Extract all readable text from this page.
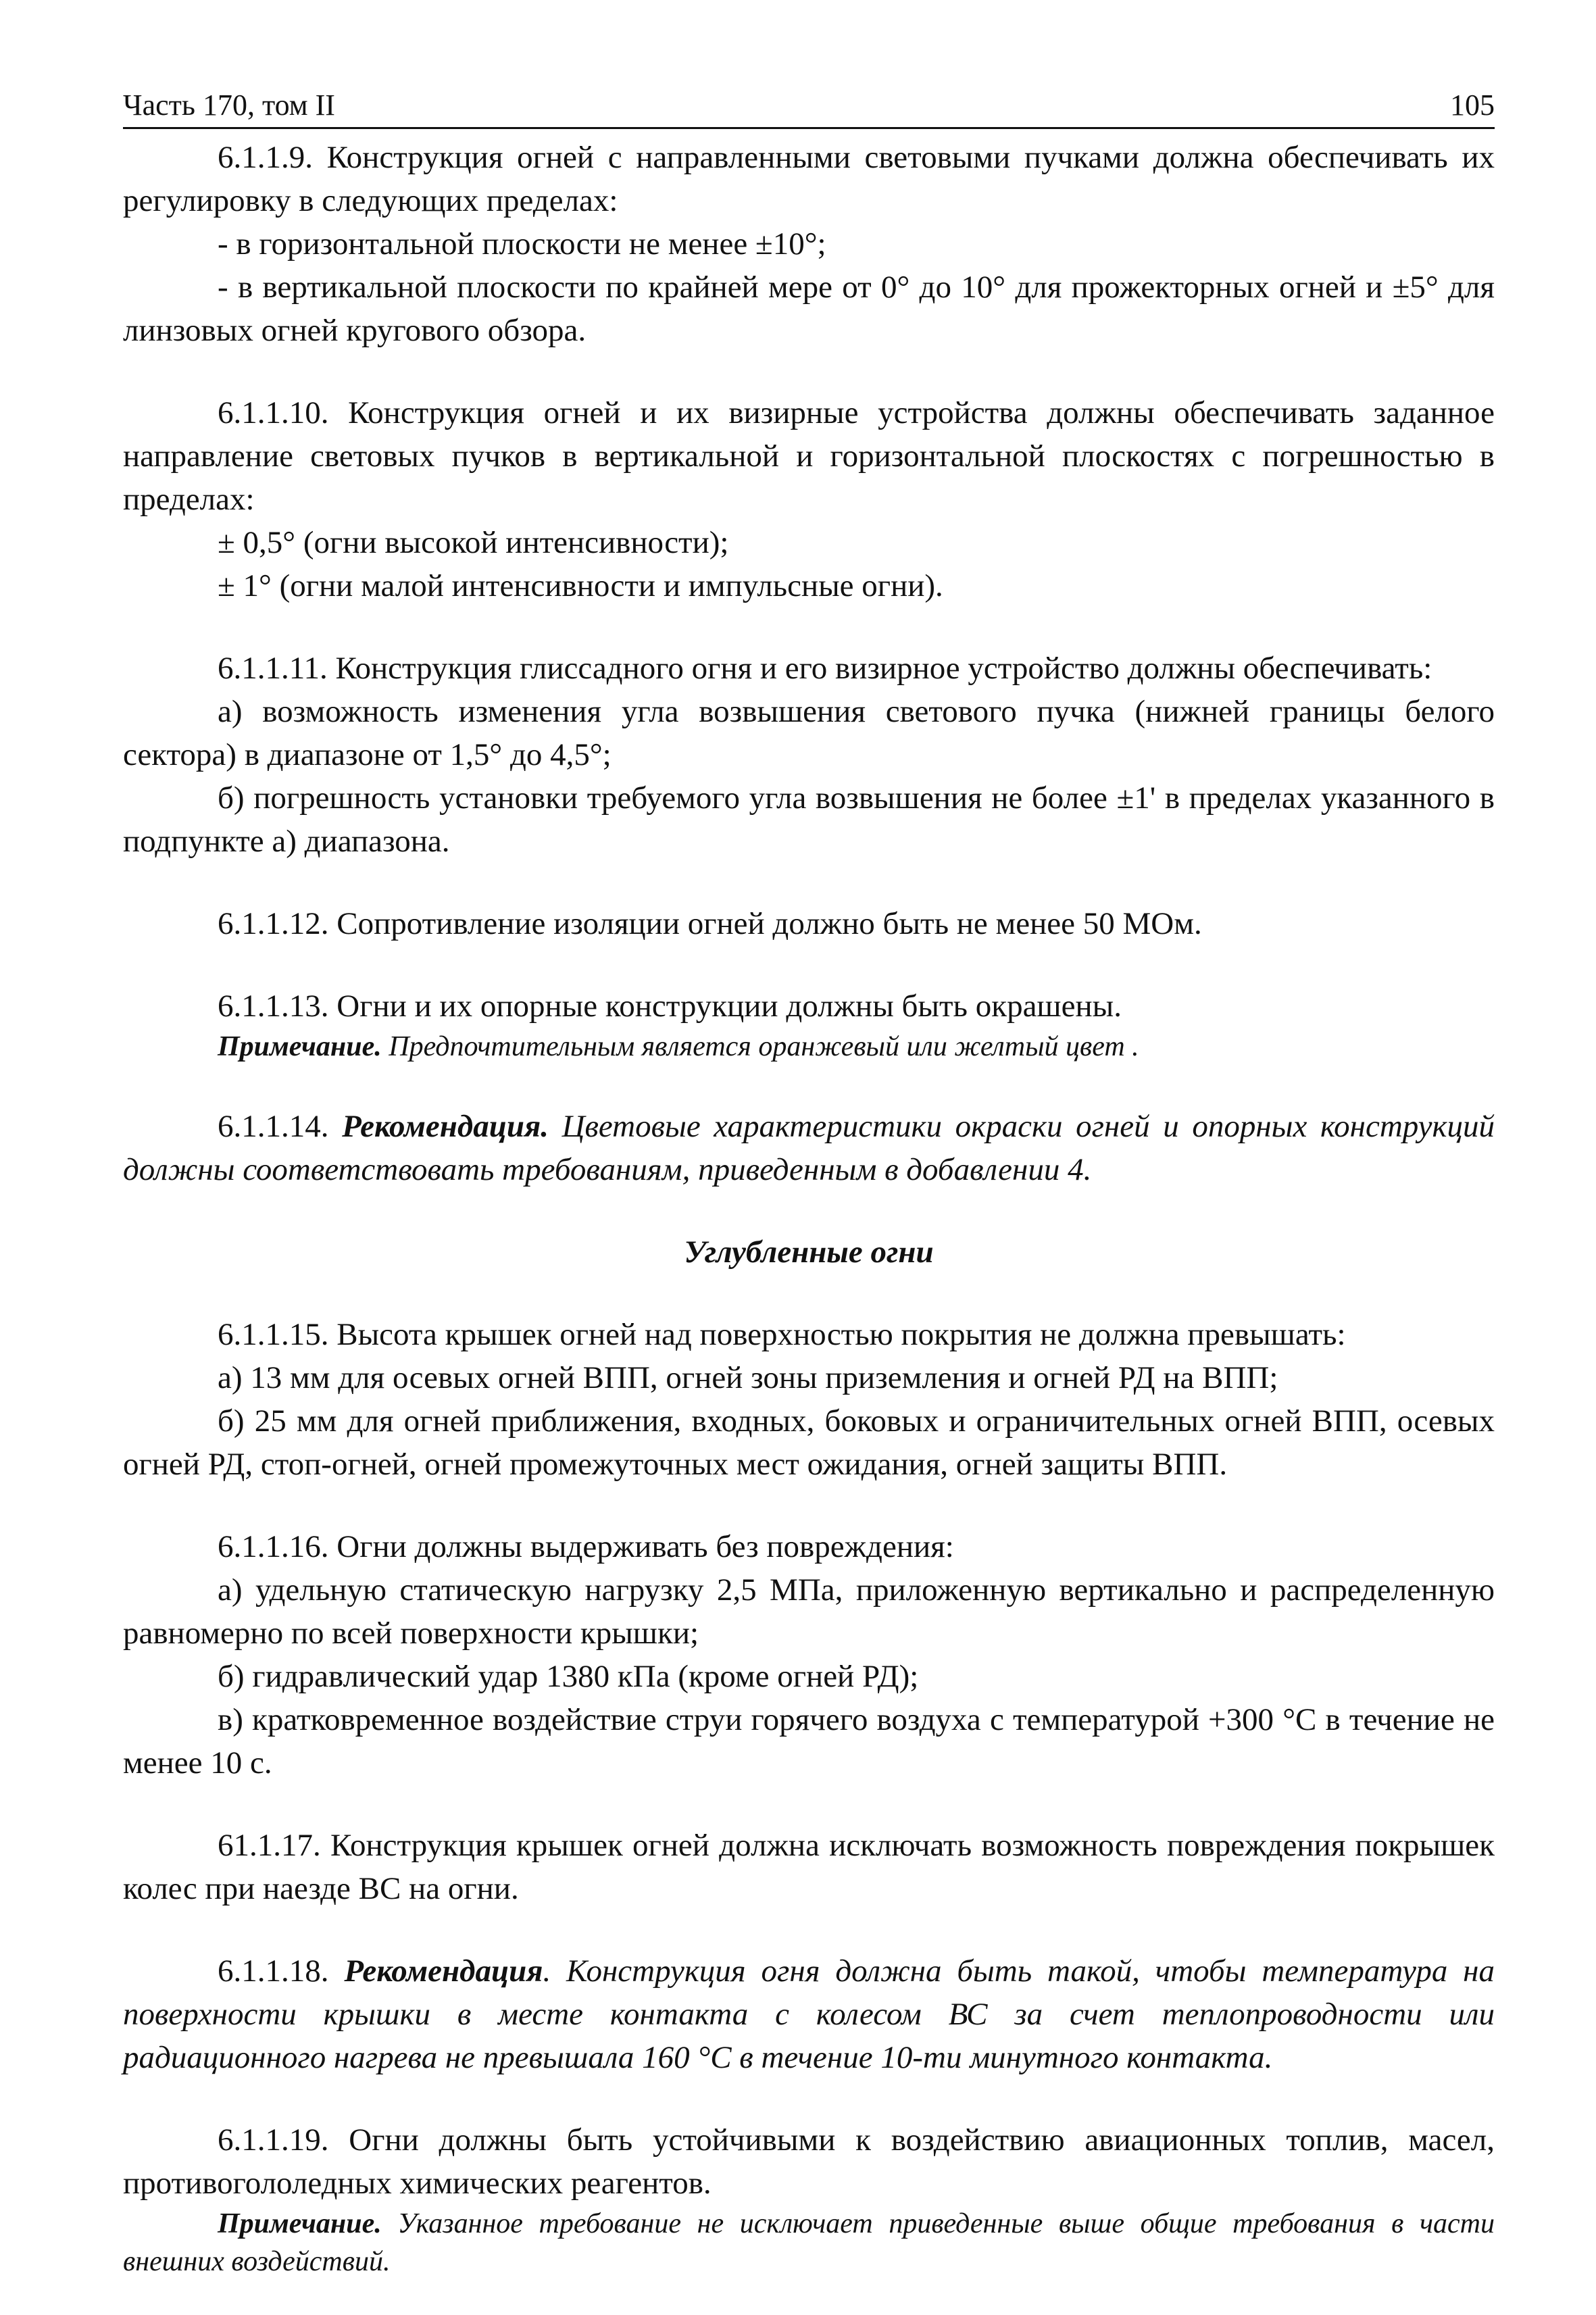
Часть 170, том II	105

6.1.1.9. Конструкция огней с направленными световыми пучками должна обеспечивать их регулировку в следующих пределах:

- в горизонтальной плоскости не менее ±10°;

- в вертикальной плоскости по крайней мере от 0° до 10° для прожекторных огней и ±5° для линзовых огней кругового обзора.

6.1.1.10. Конструкция огней и их визирные устройства должны обеспечивать заданное направление световых пучков в вертикальной и горизонтальной плоскостях с погрешностью в пределах:

± 0,5° (огни высокой интенсивности);

± 1° (огни малой интенсивности и импульсные огни).

6.1.1.11. Конструкция глиссадного огня и его визирное устройство должны обеспечивать:

а) возможность изменения угла возвышения светового пучка (нижней границы белого сектора) в диапазоне от 1,5° до 4,5°;

б) погрешность установки требуемого угла возвышения не более ±1' в пределах указанного в подпункте а) диапазона.

6.1.1.12. Сопротивление изоляции огней должно быть не менее 50 МОм.

6.1.1.13. Огни и их опорные конструкции должны быть окрашены.

Примечание. Предпочтительным является оранжевый или желтый цвет .

6.1.1.14. Рекомендация. Цветовые характеристики окраски огней и опорных конструкций должны соответствовать требованиям, приведенным в добавлении 4.

Углубленные огни

6.1.1.15. Высота крышек огней над поверхностью покрытия не должна превышать:

а) 13 мм для осевых огней ВПП, огней зоны приземления и огней РД на ВПП;

б) 25 мм для огней приближения, входных, боковых и ограничительных огней ВПП, осевых огней РД, стоп-огней, огней промежуточных мест ожидания, огней защиты ВПП.

6.1.1.16. Огни должны выдерживать без повреждения:

а) удельную статическую нагрузку 2,5 МПа, приложенную вертикально и распределенную равномерно по всей поверхности крышки;

б) гидравлический удар 1380 кПа (кроме огней РД);

в) кратковременное воздействие струи горячего воздуха с температурой +300 °С в течение не менее 10 с.

61.1.17. Конструкция крышек огней должна исключать возможность повреждения покрышек колес при наезде ВС на огни.

6.1.1.18. Рекомендация. Конструкция огня должна быть такой, чтобы температура на поверхности крышки в месте контакта с колесом ВС за счет теплопроводности или радиационного нагрева не превышала 160 °С в течение 10-ти минутного контакта.

6.1.1.19. Огни должны быть устойчивыми к воздействию авиационных топлив, масел, противогололедных химических реагентов.

Примечание. Указанное требование не исключает приведенные выше общие требования в части внешних воздействий.
